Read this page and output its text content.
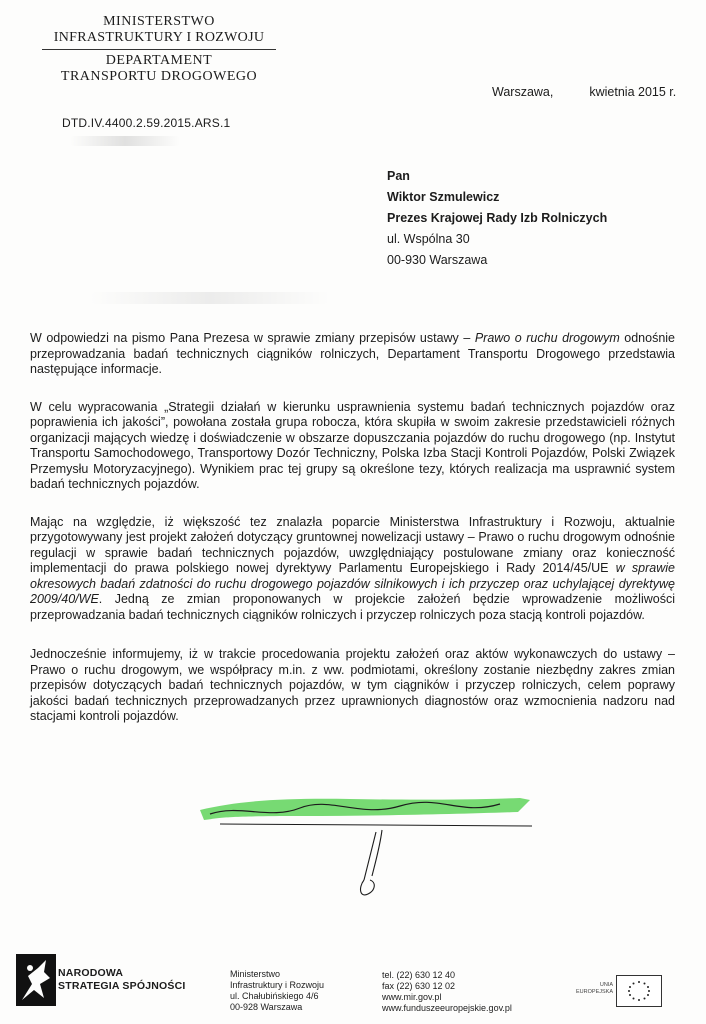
MINISTERSTWO
INFRASTRUKTURY I ROZWOJU
DEPARTAMENT
TRANSPORTU DROGOWEGO
Warszawa,	kwietnia 2015 r.
DTD.IV.4400.2.59.2015.ARS.1
Pan
Wiktor Szmulewicz
Prezes Krajowej Rady Izb Rolniczych
ul. Wspólna 30
00-930 Warszawa

W odpowiedzi na pismo Pana Prezesa w sprawie zmiany przepisów ustawy – Prawo o ruchu drogowym odnośnie przeprowadzania badań technicznych ciągników rolniczych, Departament Transportu Drogowego przedstawia następujące informacje.

W celu wypracowania „Strategii działań w kierunku usprawnienia systemu badań technicznych pojazdów oraz poprawienia ich jakości”, powołana została grupa robocza, która skupiła w swoim zakresie przedstawicieli różnych organizacji mających wiedzę i doświadczenie w obszarze dopuszczania pojazdów do ruchu drogowego (np. Instytut Transportu Samochodowego, Transportowy Dozór Techniczny, Polska Izba Stacji Kontroli Pojazdów, Polski Związek Przemysłu Motoryzacyjnego). Wynikiem prac tej grupy są określone tezy, których realizacja ma usprawnić system badań technicznych pojazdów.

Mając na względzie, iż większość tez znalazła poparcie Ministerstwa Infrastruktury i Rozwoju, aktualnie przygotowywany jest projekt założeń dotyczący gruntownej nowelizacji ustawy – Prawo o ruchu drogowym odnośnie regulacji w sprawie badań technicznych pojazdów, uwzględniający postulowane zmiany oraz konieczność implementacji do prawa polskiego nowej dyrektywy Parlamentu Europejskiego i Rady 2014/45/UE w sprawie okresowych badań zdatności do ruchu drogowego pojazdów silnikowych i ich przyczep oraz uchylającej dyrektywę 2009/40/WE. Jedną ze zmian proponowanych w projekcie założeń będzie wprowadzenie możliwości przeprowadzania badań technicznych ciągników rolniczych i przyczep rolniczych poza stacją kontroli pojazdów.

Jednocześnie informujemy, iż w trakcie procedowania projektu założeń oraz aktów wykonawczych do ustawy – Prawo o ruchu drogowym, we współpracy m.in. z ww. podmiotami, określony zostanie niezbędny zakres zmian przepisów dotyczących badań technicznych pojazdów, w tym ciągników i przyczep rolniczych, celem poprawy jakości badań technicznych przeprowadzanych przez uprawnionych diagnostów oraz wzmocnienia nadzoru nad stacjami kontroli pojazdów.

NARODOWA
STRATEGIA SPÓJNOŚCI
Ministerstwo
Infrastruktury i Rozwoju
ul. Chałubińskiego 4/6
00-928 Warszawa
tel. (22) 630 12 40
fax (22) 630 12 02
www.mir.gov.pl
www.funduszeeuropejskie.gov.pl
UNIA
EUROPEJSKA
